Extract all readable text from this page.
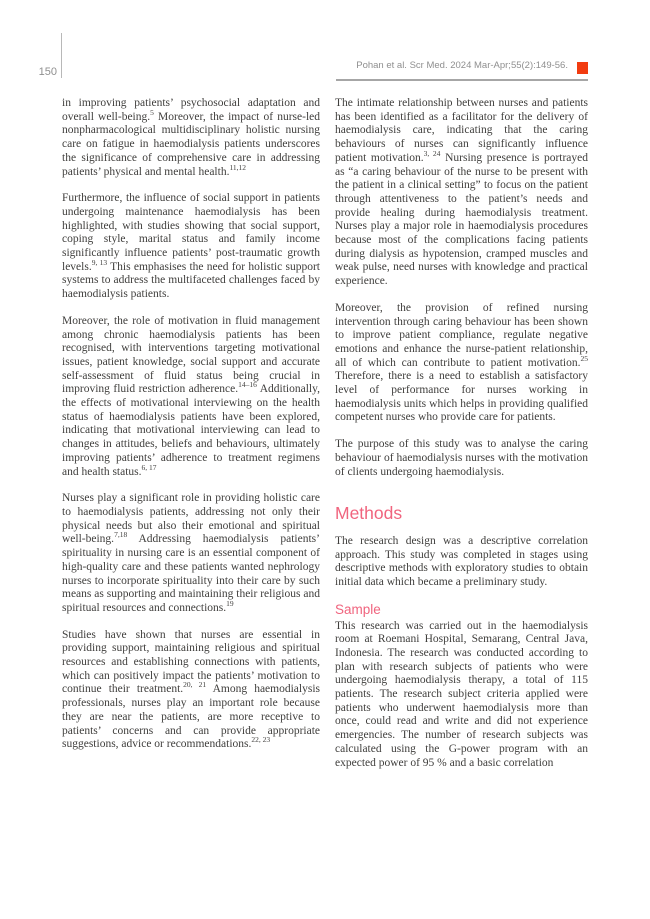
150
Pohan et al. Scr Med. 2024 Mar-Apr;55(2):149-56.

in improving patients’ psychosocial adaptation and overall well-being.$^5$ Moreover, the impact of nurse-led nonpharmacological multidisciplinary holistic nursing care on fatigue in haemodialysis patients underscores the significance of comprehensive care in addressing patients’ physical and mental health.$^{11,12}$

Furthermore, the influence of social support in patients undergoing maintenance haemodialysis has been highlighted, with studies showing that social support, coping style, marital status and family income significantly influence patients’ post-traumatic growth levels.$^{9, 13}$ This emphasises the need for holistic support systems to address the multifaceted challenges faced by haemodialysis patients.

Moreover, the role of motivation in fluid management among chronic haemodialysis patients has been recognised, with interventions targeting motivational issues, patient knowledge, social support and accurate self-assessment of fluid status being crucial in improving fluid restriction adherence.$^{14-16}$ Additionally, the effects of motivational interviewing on the health status of haemodialysis patients have been explored, indicating that motivational interviewing can lead to changes in attitudes, beliefs and behaviours, ultimately improving patients’ adherence to treatment regimens and health status.$^{6, 17}$

Nurses play a significant role in providing holistic care to haemodialysis patients, addressing not only their physical needs but also their emotional and spiritual well-being.$^{7,18}$ Addressing haemodialysis patients’ spirituality in nursing care is an essential component of high-quality care and these patients wanted nephrology nurses to incorporate spirituality into their care by such means as supporting and maintaining their religious and spiritual resources and connections.$^{19}$

Studies have shown that nurses are essential in providing support, maintaining religious and spiritual resources and establishing connections with patients, which can positively impact the patients’ motivation to continue their treatment.$^{20, 21}$ Among haemodialysis professionals, nurses play an important role because they are near the patients, are more receptive to patients’ concerns and can provide appropriate suggestions, advice or recommendations.$^{22, 23}$

The intimate relationship between nurses and patients has been identified as a facilitator for the delivery of haemodialysis care, indicating that the caring behaviours of nurses can significantly influence patient motivation.$^{3, 24}$ Nursing presence is portrayed as “a caring behaviour of the nurse to be present with the patient in a clinical setting” to focus on the patient through attentiveness to the patient’s needs and provide healing during haemodialysis treatment. Nurses play a major role in haemodialysis procedures because most of the complications facing patients during dialysis as hypotension, cramped muscles and weak pulse, need nurses with knowledge and practical experience.

Moreover, the provision of refined nursing intervention through caring behaviour has been shown to improve patient compliance, regulate negative emotions and enhance the nurse-patient relationship, all of which can contribute to patient motivation.$^{25}$ Therefore, there is a need to establish a satisfactory level of performance for nurses working in haemodialysis units which helps in providing qualified competent nurses who provide care for patients.

The purpose of this study was to analyse the caring behaviour of haemodialysis nurses with the motivation of clients undergoing haemodialysis.

Methods

The research design was a descriptive correlation approach. This study was completed in stages using descriptive methods with exploratory studies to obtain initial data which became a preliminary study.

Sample

This research was carried out in the haemodialysis room at Roemani Hospital, Semarang, Central Java, Indonesia. The research was conducted according to plan with research subjects of patients who were undergoing haemodialysis therapy, a total of 115 patients. The research subject criteria applied were patients who underwent haemodialysis more than once, could read and write and did not experience emergencies. The number of research subjects was calculated using the G-power program with an expected power of 95 % and a basic correlation
